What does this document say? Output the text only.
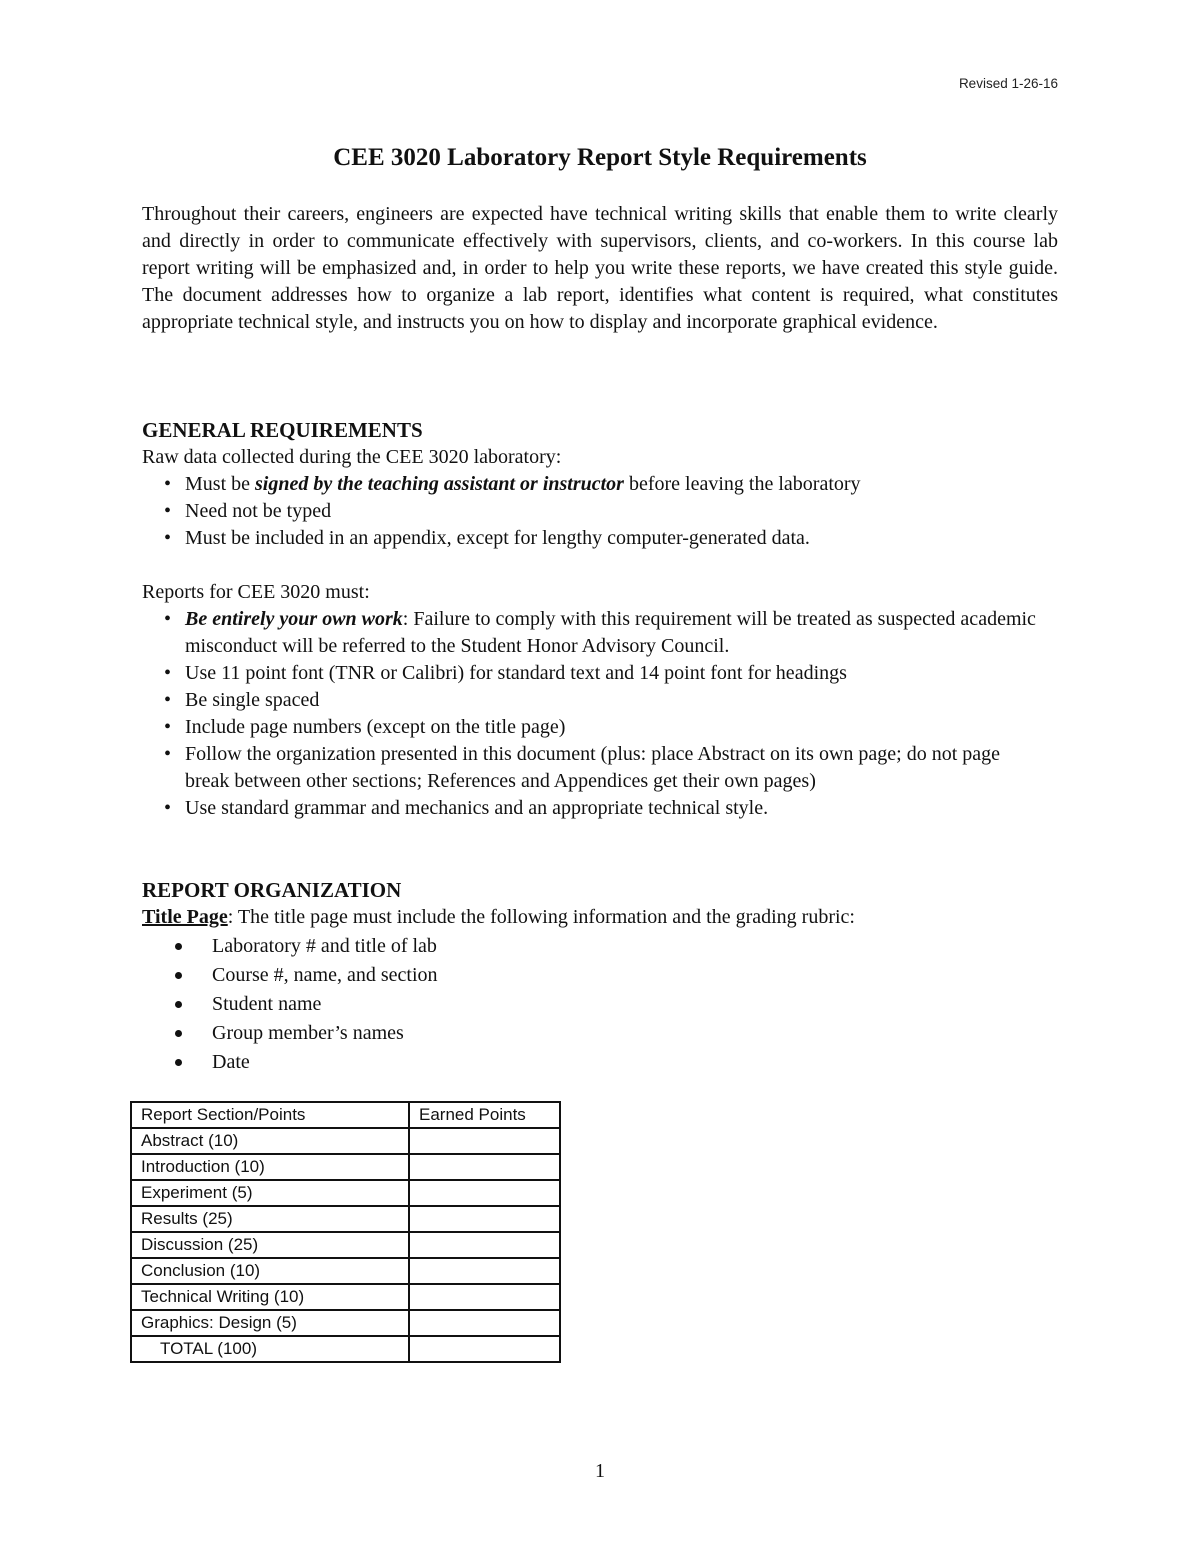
Revised 1-26-16
CEE 3020 Laboratory Report Style Requirements

Throughout their careers, engineers are expected have technical writing skills that enable them to write clearly and directly in order to communicate effectively with supervisors, clients, and co-workers. In this course lab report writing will be emphasized and, in order to help you write these reports, we have created this style guide. The document addresses how to organize a lab report, identifies what content is required, what constitutes appropriate technical style, and instructs you on how to display and incorporate graphical evidence.

GENERAL REQUIREMENTS

Raw data collected during the CEE 3020 laboratory:

• Must be signed by the teaching assistant or instructor before leaving the laboratory
• Need not be typed
• Must be included in an appendix, except for lengthy computer-generated data.

Reports for CEE 3020 must:

• Be entirely your own work: Failure to comply with this requirement will be treated as suspected academic misconduct will be referred to the Student Honor Advisory Council.
• Use 11 point font (TNR or Calibri) for standard text and 14 point font for headings
• Be single spaced
• Include page numbers (except on the title page)
• Follow the organization presented in this document (plus: place Abstract on its own page; do not page break between other sections; References and Appendices get their own pages)
• Use standard grammar and mechanics and an appropriate technical style.

REPORT ORGANIZATION

Title Page: The title page must include the following information and the grading rubric:

Laboratory # and title of lab
Course #, name, and section
Student name
Group member’s names
Date
Report Section/Points	Earned Points
Abstract (10)	
Introduction (10)	
Experiment (5)	
Results (25)	
Discussion (25)	
Conclusion (10)	
Technical Writing (10)	
Graphics: Design (5)	
TOTAL (100)	
1
